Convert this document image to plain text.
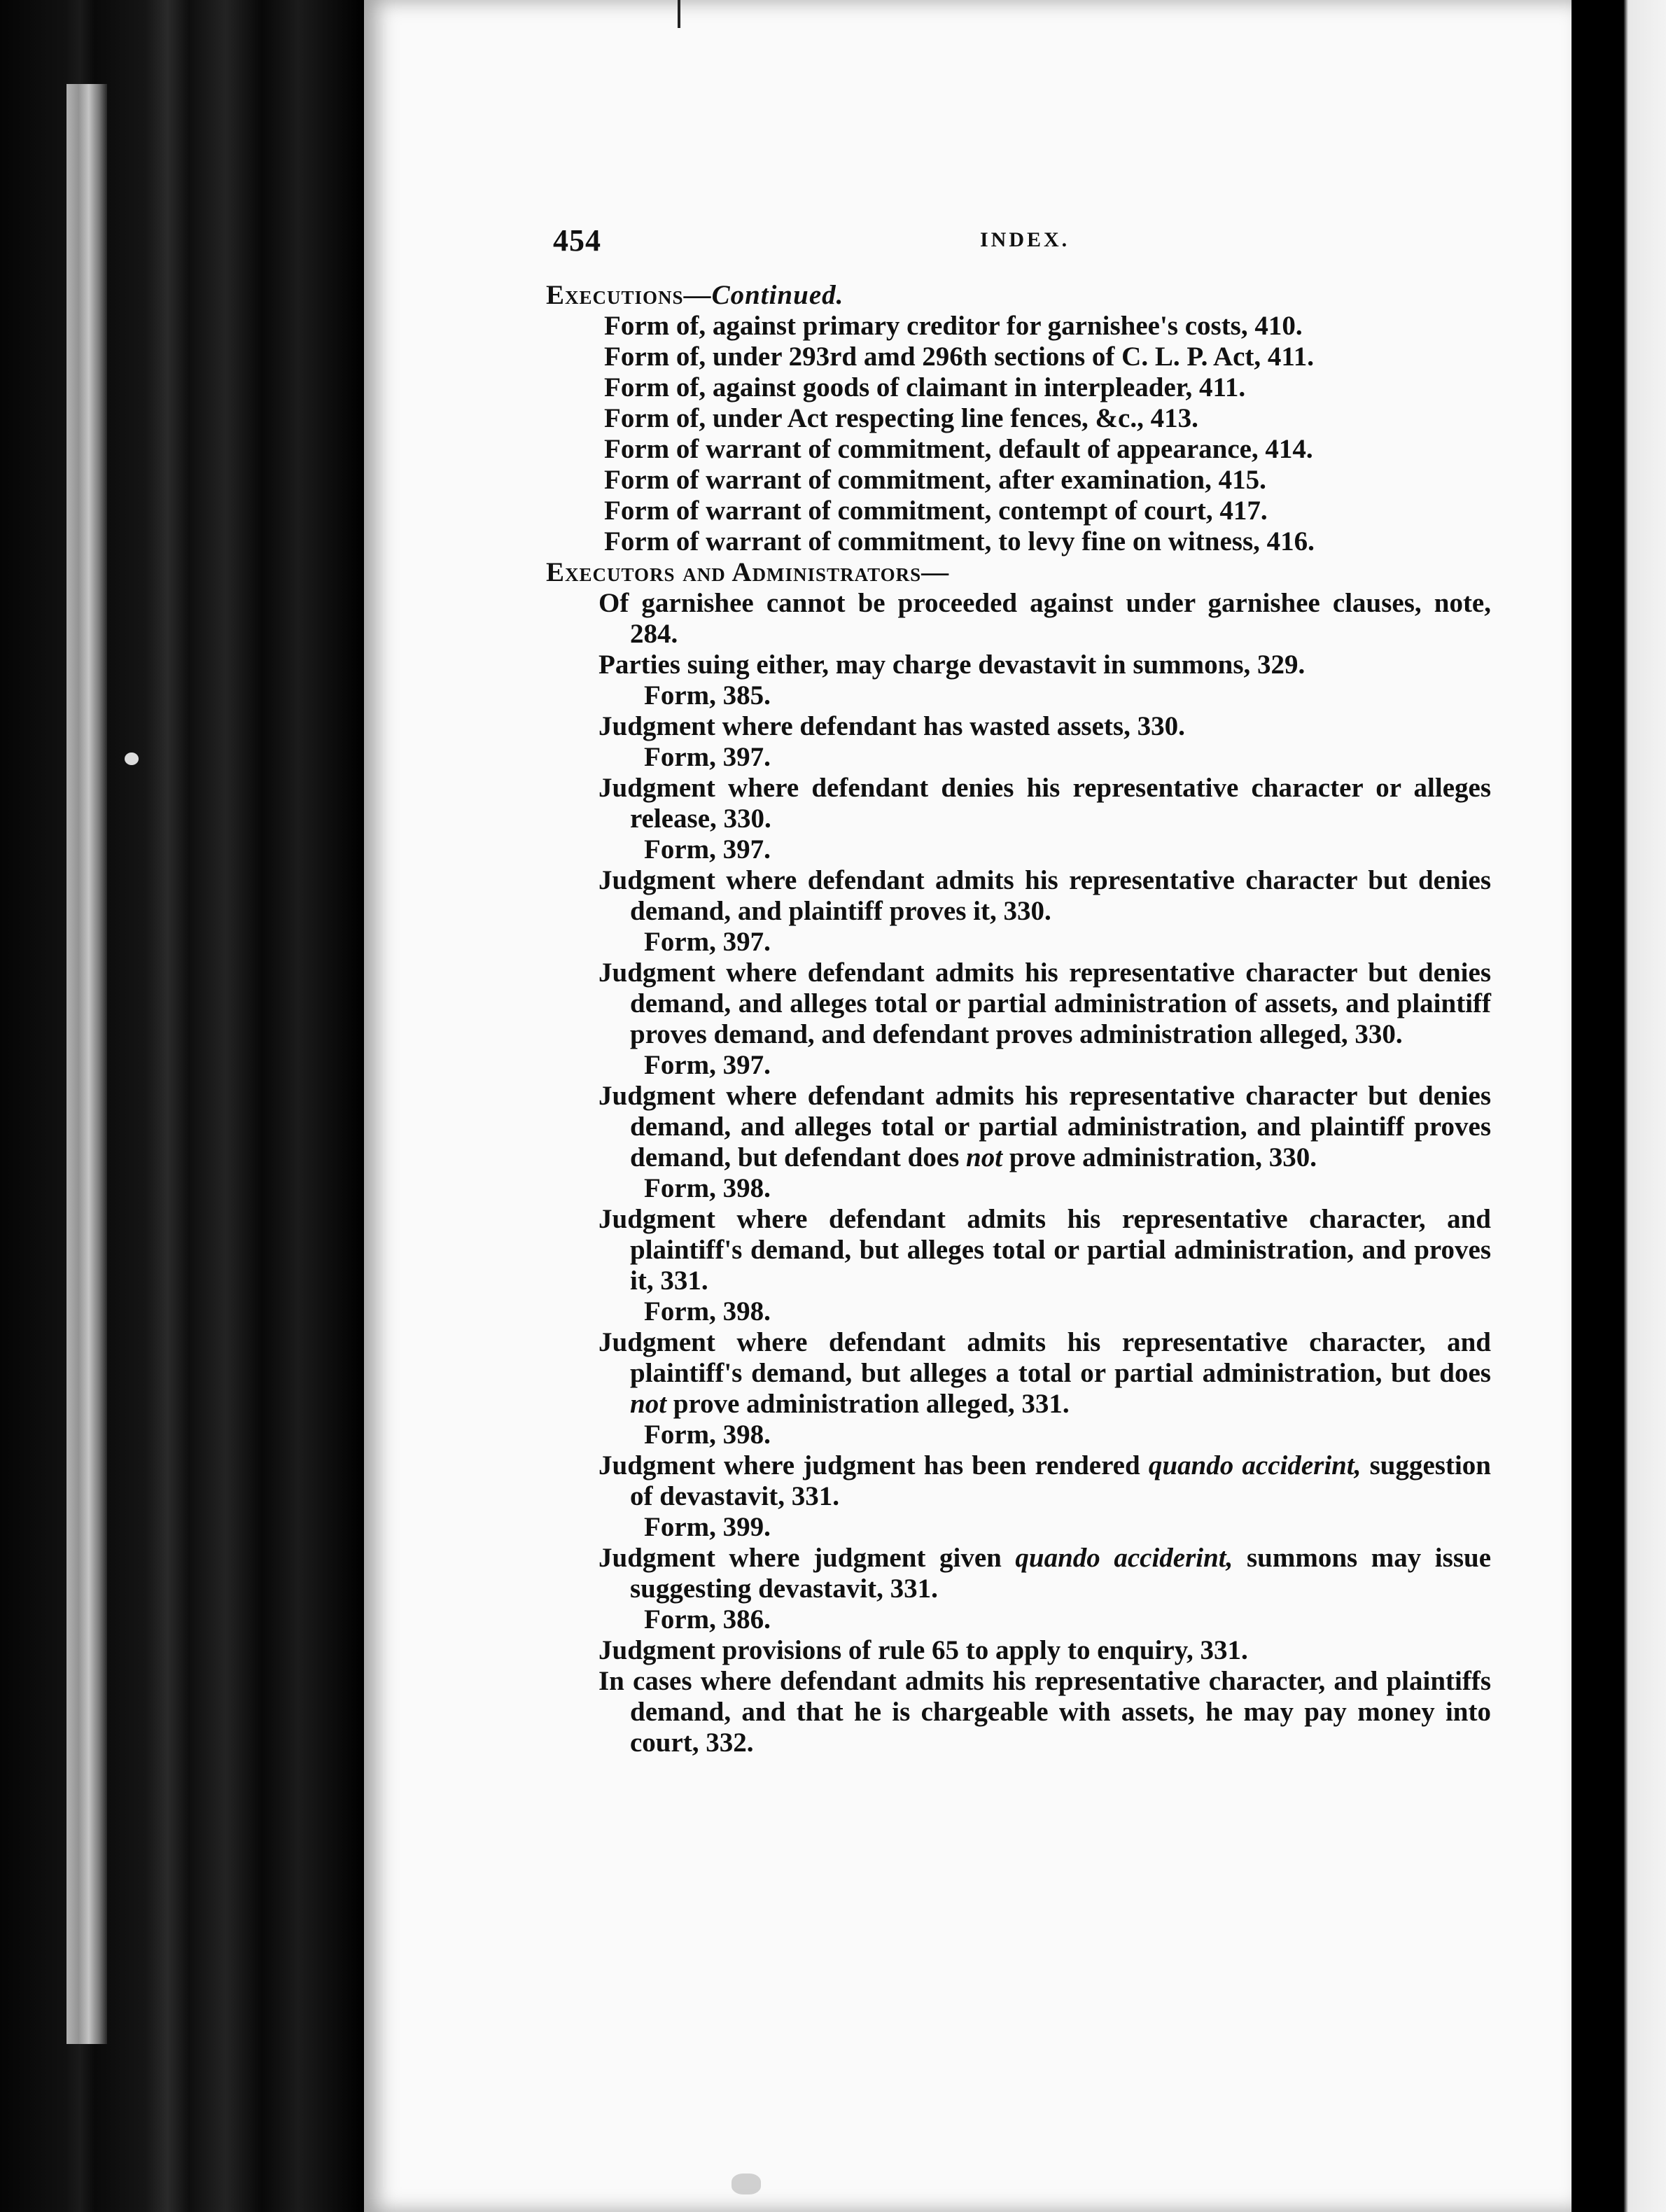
454	INDEX.

Executions—Continued.

Form of, against primary creditor for garnishee's costs, 410.

Form of, under 293rd amd 296th sections of C. L. P. Act, 411.

Form of, against goods of claimant in interpleader, 411.

Form of, under Act respecting line fences, &c., 413.

Form of warrant of commitment, default of appearance, 414.

Form of warrant of commitment, after examination, 415.

Form of warrant of commitment, contempt of court, 417.

Form of warrant of commitment, to levy fine on witness, 416.

Executors and Administrators—

Of garnishee cannot be proceeded against under garnishee clauses, note, 284.

Parties suing either, may charge devastavit in summons, 329.

Form, 385.

Judgment where defendant has wasted assets, 330.

Form, 397.

Judgment where defendant denies his representative character or alleges release, 330.

Form, 397.

Judgment where defendant admits his representative character but denies demand, and plaintiff proves it, 330.

Form, 397.

Judgment where defendant admits his representative character but denies demand, and alleges total or partial administration of assets, and plaintiff proves demand, and defendant proves administration alleged, 330.

Form, 397.

Judgment where defendant admits his representative character but denies demand, and alleges total or partial administration, and plaintiff proves demand, but defendant does not prove administration, 330.

Form, 398.

Judgment where defendant admits his representative character, and plaintiff's demand, but alleges total or partial administration, and proves it, 331.

Form, 398.

Judgment where defendant admits his representative character, and plaintiff's demand, but alleges a total or partial administration, but does not prove administration alleged, 331.

Form, 398.

Judgment where judgment has been rendered quando acciderint, suggestion of devastavit, 331.

Form, 399.

Judgment where judgment given quando acciderint, summons may issue suggesting devastavit, 331.

Form, 386.

Judgment provisions of rule 65 to apply to enquiry, 331.

In cases where defendant admits his representative character, and plaintiffs demand, and that he is chargeable with assets, he may pay money into court, 332.
